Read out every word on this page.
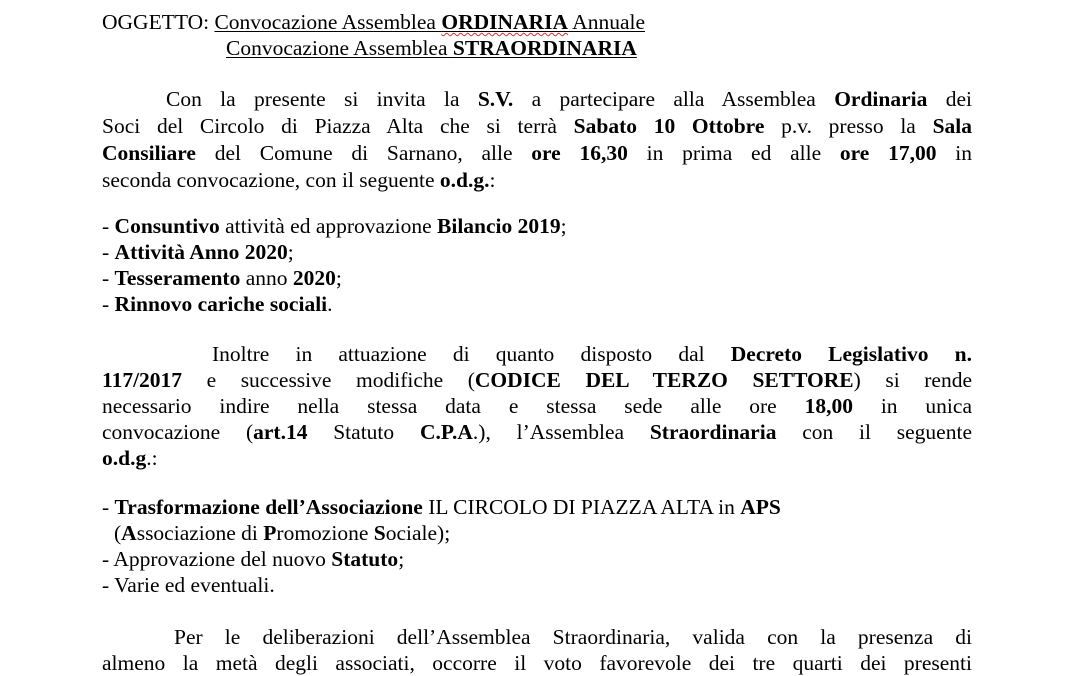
OGGETTO: Convocazione Assemblea ORDINARIA Annuale
Convocazione Assemblea STRAORDINARIA
Con la presente si invita la S.V. a partecipare alla Assemblea Ordinaria dei
Soci del Circolo di Piazza Alta che si terrà Sabato 10 Ottobre p.v. presso la Sala
Consiliare del Comune di Sarnano, alle ore 16,30 in prima ed alle ore 17,00 in
seconda convocazione, con il seguente o.d.g.:
- Consuntivo attività ed approvazione Bilancio 2019;
- Attività Anno 2020;
- Tesseramento anno 2020;
- Rinnovo cariche sociali.
Inoltre in attuazione di quanto disposto dal Decreto Legislativo n.
117/2017 e successive modifiche (CODICE DEL TERZO SETTORE) si rende
necessario indire nella stessa data e stessa sede alle ore 18,00 in unica
convocazione (art.14 Statuto C.P.A.), l’Assemblea Straordinaria con il seguente
o.d.g.:
- Trasformazione dell’Associazione IL CIRCOLO DI PIAZZA ALTA in APS
(Associazione di Promozione Sociale);
- Approvazione del nuovo Statuto;
- Varie ed eventuali.
Per le deliberazioni dell’Assemblea Straordinaria, valida con la presenza di
almeno la metà degli associati, occorre il voto favorevole dei tre quarti dei presenti
